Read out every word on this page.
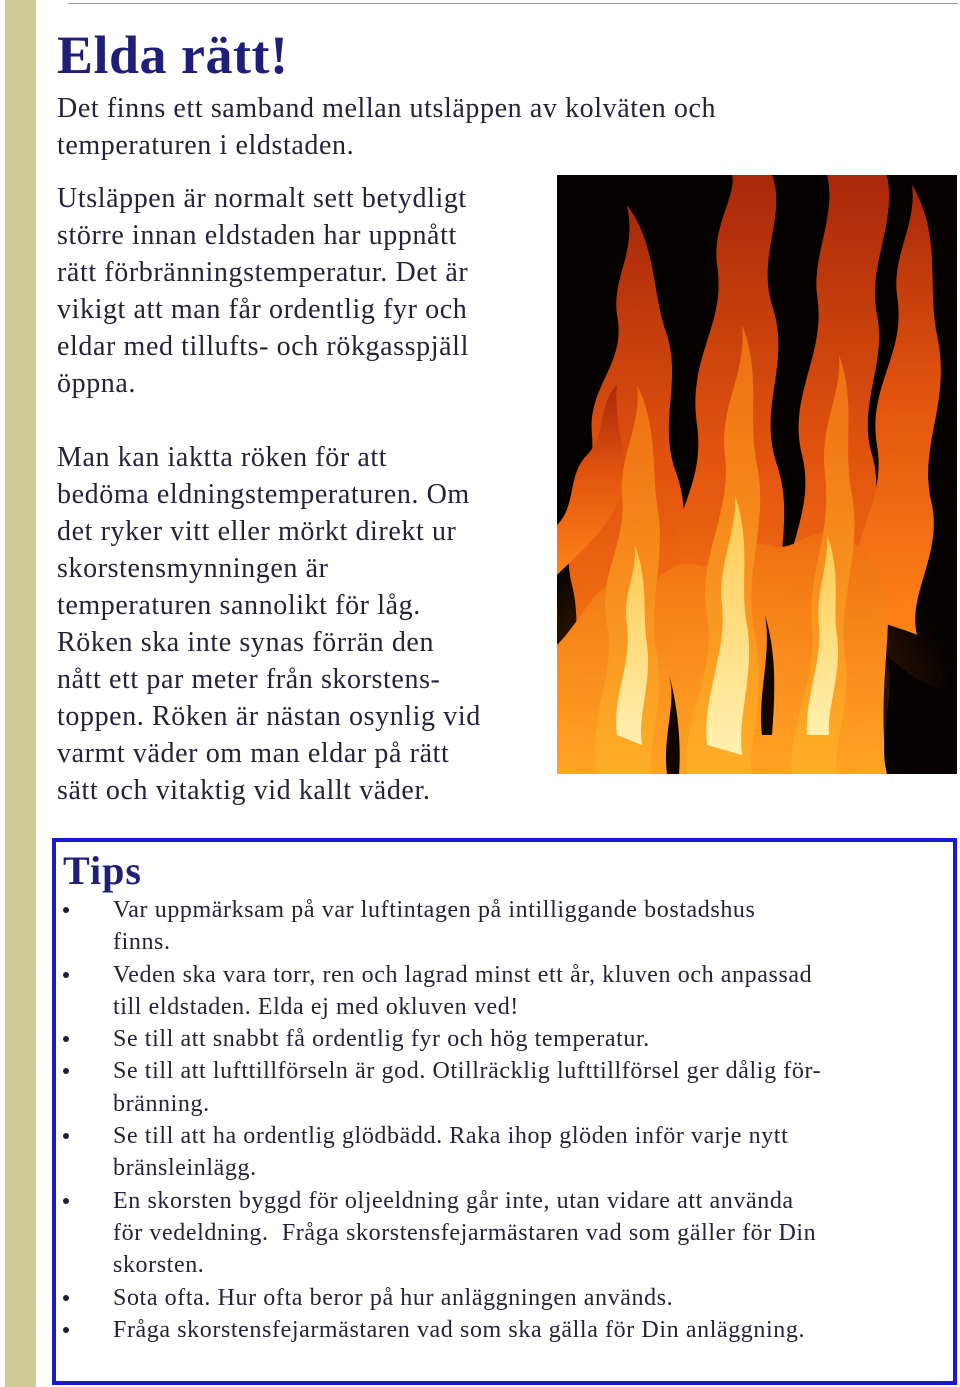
Elda rätt!
Det finns ett samband mellan utsläppen av kolväten och
temperaturen i eldstaden.
Utsläppen är normalt sett betydligt
större innan eldstaden har uppnått
rätt förbränningstemperatur. Det är
vikigt att man får ordentlig fyr och
eldar med tillufts- och rökgasspjäll
öppna.
Man kan iaktta röken för att
bedöma eldningstemperaturen. Om
det ryker vitt eller mörkt direkt ur
skorstensmynningen är
temperaturen sannolikt för låg.
Röken ska inte synas förrän den
nått ett par meter från skorstens-
toppen. Röken är nästan osynlig vid
varmt väder om man eldar på rätt
sätt och vitaktig vid kallt väder.
Tips
Var uppmärksam på var luftintagen på intilliggande bostadshus
finns.
Veden ska vara torr, ren och lagrad minst ett år, kluven och anpassad
till eldstaden. Elda ej med okluven ved!
Se till att snabbt få ordentlig fyr och hög temperatur.
Se till att lufttillförseln är god. Otillräcklig lufttillförsel ger dålig för-
bränning.
Se till att ha ordentlig glödbädd. Raka ihop glöden inför varje nytt
bränsleinlägg.
En skorsten byggd för oljeeldning går inte, utan vidare att använda
för vedeldning.  Fråga skorstensfejarmästaren vad som gäller för Din
skorsten.
Sota ofta. Hur ofta beror på hur anläggningen används.
Fråga skorstensfejarmästaren vad som ska gälla för Din anläggning.
